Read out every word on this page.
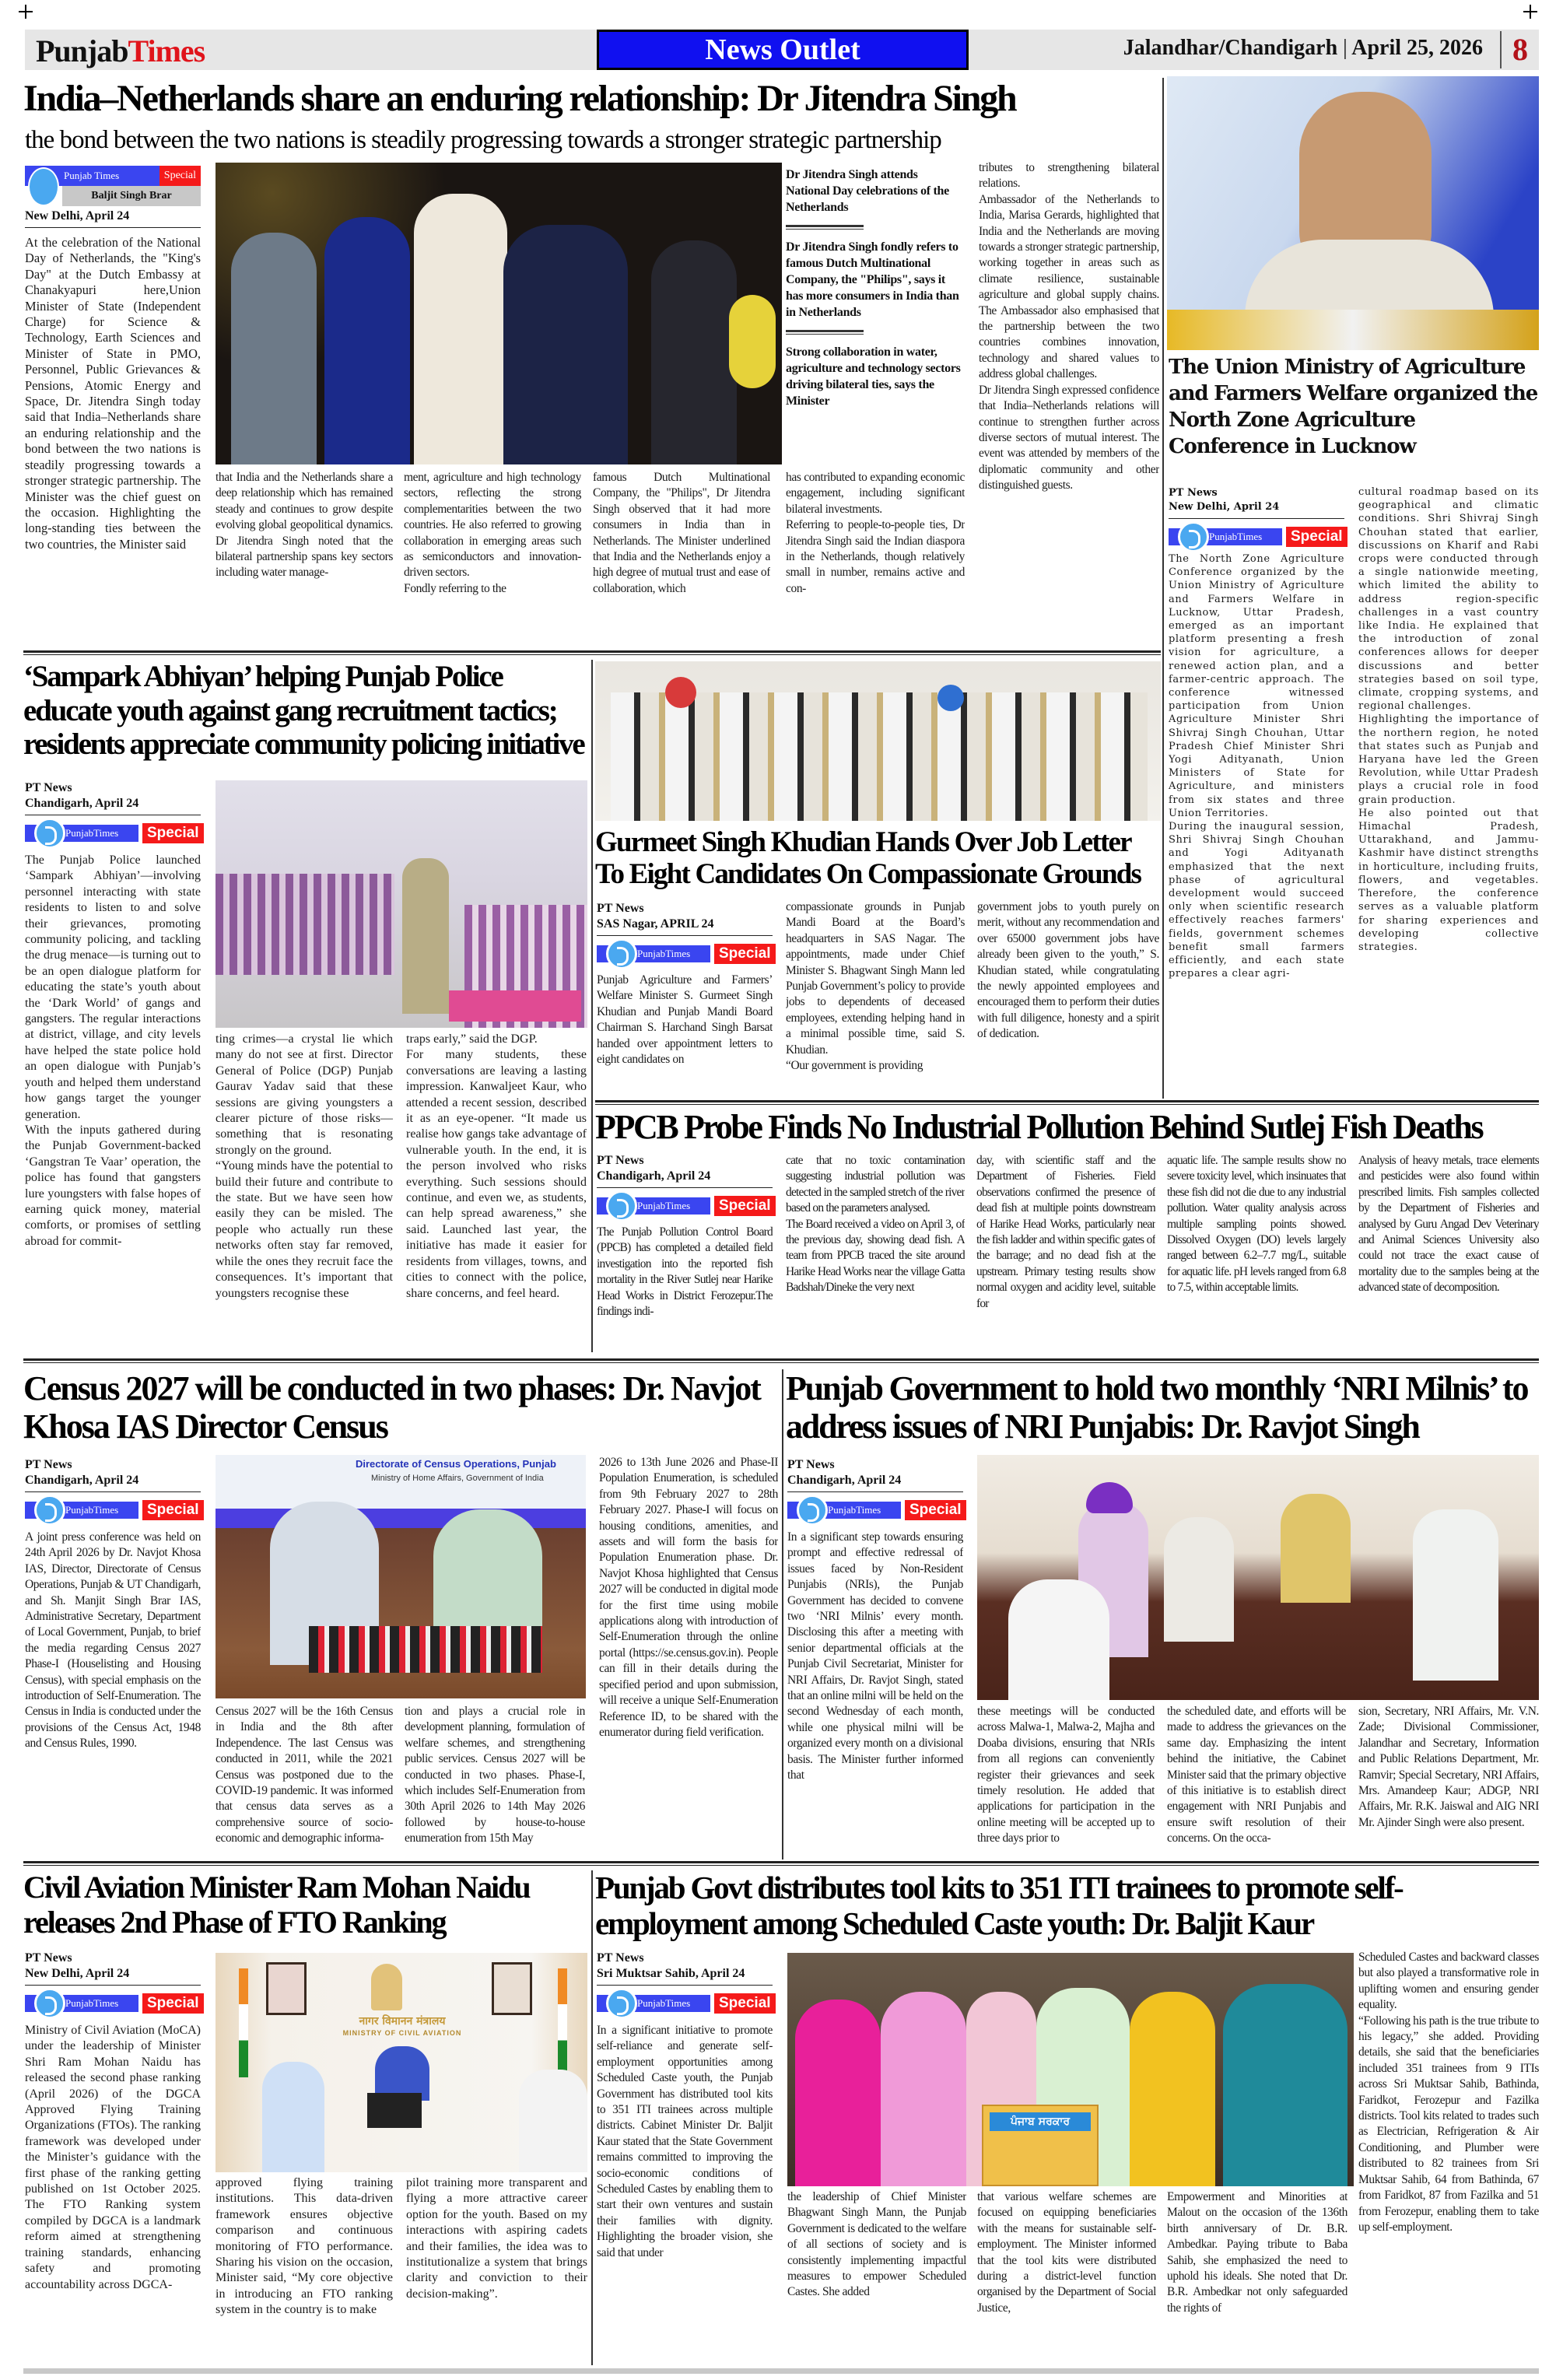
PunjabTimes	News Outlet	Jalandhar/Chandigarh | April 25, 2026 8
India–Netherlands share an enduring relationship: Dr Jitendra Singh
the bond between the two nations is steadily progressing towards a stronger strategic partnership
Punjab Times	Special
Baljit Singh Brar
New Delhi, April 24
At the celebration of the National Day of Netherlands, the "King's Day" at the Dutch Embassy at Chanakyapuri here,Union Minister of State (Independent Charge) for Science & Technology, Earth Sciences and Minister of State in PMO, Personnel, Public Grievances & Pensions, Atomic Energy and Space, Dr. Jitendra Singh today said that India–Netherlands share an enduring relationship and the bond between the two nations is steadily progressing towards a stronger strategic partnership. The Minister was the chief guest on the occasion. Highlighting the long-standing ties between the two countries, the Minister said
that India and the Netherlands share a deep relationship which has remained steady and continues to grow despite evolving global geopolitical dynamics. Dr Jitendra Singh noted that the bilateral partnership spans key sectors including water manage-
ment, agriculture and high technology sectors, reflecting the strong complementarities between the two countries. He also referred to growing collaboration in emerging areas such as semiconductors and innovation-driven sectors.
Fondly referring to the
famous Dutch Multinational Company, the "Philips", Dr Jitendra Singh observed that it had more consumers in India than in Netherlands. The Minister underlined that India and the Netherlands enjoy a high degree of mutual trust and ease of collaboration, which
has contributed to expanding economic engagement, including significant bilateral investments.
Referring to people-to-people ties, Dr Jitendra Singh said the Indian diaspora in the Netherlands, though relatively small in number, remains active and con-
Dr Jitendra Singh attends National Day celebrations of the Netherlands
Dr Jitendra Singh fondly refers to famous Dutch Multinational Company, the "Philips", says it has more consumers in India than in Netherlands
Strong collaboration in water, agriculture and technology sectors driving bilateral ties, says the Minister
tributes to strengthening bilateral relations.
Ambassador of the Netherlands to India, Marisa Gerards, highlighted that India and the Netherlands are moving towards a stronger strategic partnership, working together in areas such as climate resilience, sustainable agriculture and global supply chains. The Ambassador also emphasised that the partnership between the two countries combines innovation, technology and shared values to address global challenges.
Dr Jitendra Singh expressed confidence that India–Netherlands relations will continue to strengthen further across diverse sectors of mutual interest. The event was attended by members of the diplomatic community and other distinguished guests.
The Union Ministry of Agriculture and Farmers Welfare organized the North Zone Agriculture Conference in Lucknow
PT News
New Delhi, April 24
PunjabTimes	Special
The North Zone Agriculture Conference organized by the Union Ministry of Agriculture and Farmers Welfare in Lucknow, Uttar Pradesh, emerged as an important platform presenting a fresh vision for agriculture, a renewed action plan, and a farmer-centric approach. The conference witnessed participation from Union Agriculture Minister Shri Shivraj Singh Chouhan, Uttar Pradesh Chief Minister Shri Yogi Adityanath, Union Ministers of State for Agriculture, and ministers from six states and three Union Territories.
During the inaugural session, Shri Shivraj Singh Chouhan and Yogi Adityanath emphasized that the next phase of agricultural development would succeed only when scientific research effectively reaches farmers' fields, government schemes benefit small farmers efficiently, and each state prepares a clear agri-
cultural roadmap based on its geographical and climatic conditions. Shri Shivraj Singh Chouhan stated that earlier, discussions on Kharif and Rabi crops were conducted through a single nationwide meeting, which limited the ability to address region-specific challenges in a vast country like India. He explained that the introduction of zonal conferences allows for deeper discussions and better strategies based on soil type, climate, cropping systems, and regional challenges.
Highlighting the importance of the northern region, he noted that states such as Punjab and Haryana have led the Green Revolution, while Uttar Pradesh plays a crucial role in food grain production.
He also pointed out that Himachal Pradesh, Uttarakhand, and Jammu-Kashmir have distinct strengths in horticulture, including fruits, flowers, and vegetables. Therefore, the conference serves as a valuable platform for sharing experiences and developing collective strategies.
‘Sampark Abhiyan’ helping Punjab Police educate youth against gang recruitment tactics; residents appreciate community policing initiative
PT News
Chandigarh, April 24
PunjabTimes	Special
The Punjab Police launched ‘Sampark Abhiyan’—involving personnel interacting with state residents to listen to and solve their grievances, promoting community policing, and tackling the drug menace—is turning out to be an open dialogue platform for educating the state’s youth about the ‘Dark World’ of gangs and gangsters. The regular interactions at district, village, and city levels have helped the state police hold an open dialogue with Punjab’s youth and helped them understand how gangs target the younger generation.
With the inputs gathered during the Punjab Government-backed ‘Gangstran Te Vaar’ operation, the police has found that gangsters lure youngsters with false hopes of earning quick money, material comforts, or promises of settling abroad for commit-
ting crimes—a crystal lie which many do not see at first. Director General of Police (DGP) Punjab Gaurav Yadav said that these sessions are giving youngsters a clearer picture of those risks—something that is resonating strongly on the ground.
“Young minds have the potential to build their future and contribute to the state. But we have seen how easily they can be misled. The people who actually run these networks often stay far removed, while the ones they recruit face the consequences. It’s important that youngsters recognise these
traps early,” said the DGP.
For many students, these conversations are leaving a lasting impression. Kanwaljeet Kaur, who attended a recent session, described it as an eye-opener. “It made us realise how gangs take advantage of vulnerable youth. In the end, it is the person involved who risks everything. Such sessions should continue, and even we, as students, can help spread awareness,” she said. Launched last year, the initiative has made it easier for residents from villages, towns, and cities to connect with the police, share concerns, and feel heard.
Gurmeet Singh Khudian Hands Over Job Letter To Eight Candidates On Compassionate Grounds
PT News
SAS Nagar, APRIL 24
PunjabTimes	Special
Punjab Agriculture and Farmers’ Welfare Minister S. Gurmeet Singh Khudian and Punjab Mandi Board Chairman S. Harchand Singh Barsat handed over appointment letters to eight candidates on
compassionate grounds in Punjab Mandi Board at the Board’s headquarters in SAS Nagar. The appointments, made under Chief Minister S. Bhagwant Singh Mann led Punjab Government’s policy to provide jobs to dependents of deceased employees, extending helping hand in a minimal possible time, said S. Khudian.
“Our government is providing
government jobs to youth purely on merit, without any recommendation and over 65000 government jobs have already been given to the youth,” S. Khudian stated, while congratulating the newly appointed employees and encouraged them to perform their duties with full diligence, honesty and a spirit of dedication.
PPCB Probe Finds No Industrial Pollution Behind Sutlej Fish Deaths
PT News
Chandigarh, April 24
PunjabTimes	Special
The Punjab Pollution Control Board (PPCB) has completed a detailed field investigation into the reported fish mortality in the River Sutlej near Harike Head Works in District Ferozepur.The findings indi-
cate that no toxic contamination suggesting industrial pollution was detected in the sampled stretch of the river based on the parameters analysed.
The Board received a video on April 3, of the previous day, showing dead fish. A team from PPCB traced the site around Harike Head Works near the village Gatta Badshah/Dineke the very next
day, with scientific staff and the Department of Fisheries. Field observations confirmed the presence of dead fish at multiple points downstream of Harike Head Works, particularly near the fish ladder and within specific gates of the barrage; and no dead fish at the upstream. Primary testing results show normal oxygen and acidity level, suitable for
aquatic life. The sample results show no severe toxicity level, which insinuates that these fish did not die due to any industrial pollution. Water quality analysis across multiple sampling points showed. Dissolved Oxygen (DO) levels largely ranged between 6.2–7.7 mg/L, suitable for aquatic life. pH levels ranged from 6.8 to 7.5, within acceptable limits.
Analysis of heavy metals, trace elements and pesticides were also found within prescribed limits. Fish samples collected by the Department of Fisheries and analysed by Guru Angad Dev Veterinary and Animal Sciences University also could not trace the exact cause of mortality due to the samples being at the advanced state of decomposition.
Census 2027 will be conducted in two phases: Dr. Navjot Khosa IAS Director Census
PT News
Chandigarh, April 24
PunjabTimes	Special
A joint press conference was held on 24th April 2026 by Dr. Navjot Khosa IAS, Director, Directorate of Census Operations, Punjab & UT Chandigarh, and Sh. Manjit Singh Brar IAS, Administrative Secretary, Department of Local Government, Punjab, to brief the media regarding Census 2027 Phase-I (Houselisting and Housing Census), with special emphasis on the introduction of Self-Enumeration. The Census in India is conducted under the provisions of the Census Act, 1948 and Census Rules, 1990.
Directorate of Census Operations, Punjab
Ministry of Home Affairs, Government of India
Census 2027 will be the 16th Census in India and the 8th after Independence. The last Census was conducted in 2011, while the 2021 Census was postponed due to the COVID-19 pandemic. It was informed that census data serves as a comprehensive source of socio-economic and demographic informa-
tion and plays a crucial role in development planning, formulation of welfare schemes, and strengthening public services. Census 2027 will be conducted in two phases. Phase-I, which includes Self-Enumeration from 30th April 2026 to 14th May 2026 followed by house-to-house enumeration from 15th May
2026 to 13th June 2026 and Phase-II Population Enumeration, is scheduled from 9th February 2027 to 28th February 2027. Phase-I will focus on housing conditions, amenities, and assets and will form the basis for Population Enumeration phase. Dr. Navjot Khosa highlighted that Census 2027 will be conducted in digital mode for the first time using mobile applications along with introduction of Self-Enumeration through the online portal (https://se.census.gov.in). People can fill in their details during the specified period and upon submission, will receive a unique Self-Enumeration Reference ID, to be shared with the enumerator during field verification.
Punjab Government to hold two monthly ‘NRI Milnis’ to address issues of NRI Punjabis: Dr. Ravjot Singh
PT News
Chandigarh, April 24
PunjabTimes	Special
In a significant step towards ensuring prompt and effective redressal of issues faced by Non-Resident Punjabis (NRIs), the Punjab Government has decided to convene two ‘NRI Milnis’ every month. Disclosing this after a meeting with senior departmental officials at the Punjab Civil Secretariat, Minister for NRI Affairs, Dr. Ravjot Singh, stated that an online milni will be held on the second Wednesday of each month, while one physical milni will be organized every month on a divisional basis. The Minister further informed that
these meetings will be conducted across Malwa-1, Malwa-2, Majha and Doaba divisions, ensuring that NRIs from all regions can conveniently register their grievances and seek timely resolution. He added that applications for participation in the online meeting will be accepted up to three days prior to
the scheduled date, and efforts will be made to address the grievances on the same day. Emphasizing the intent behind the initiative, the Cabinet Minister said that the primary objective of this initiative is to establish direct engagement with NRI Punjabis and ensure swift resolution of their concerns. On the occa-
sion, Secretary, NRI Affairs, Mr. V.N. Zade; Divisional Commissioner, Jalandhar and Secretary, Information and Public Relations Department, Mr. Ramvir; Special Secretary, NRI Affairs, Mrs. Amandeep Kaur; ADGP, NRI Affairs, Mr. R.K. Jaiswal and AIG NRI Mr. Ajinder Singh were also present.
Civil Aviation Minister Ram Mohan Naidu releases 2nd Phase of FTO Ranking
PT News
New Delhi, April 24
PunjabTimes	Special
Ministry of Civil Aviation (MoCA) under the leadership of Minister Shri Ram Mohan Naidu has released the second phase ranking (April 2026) of the DGCA Approved Flying Training Organizations (FTOs). The ranking framework was developed under the Minister’s guidance with the first phase of the ranking getting published on 1st October 2025. The FTO Ranking system compiled by DGCA is a landmark reform aimed at strengthening training standards, enhancing safety and promoting accountability across DGCA-
नागर विमानन मंत्रालय
MINISTRY OF CIVIL AVIATION
approved flying training institutions. This data-driven framework ensures objective comparison and continuous monitoring of FTO performance. Sharing his vision on the occasion, Minister said, “My core objective in introducing an FTO ranking system in the country is to make
pilot training more transparent and flying a more attractive career option for the youth. Based on my interactions with aspiring cadets and their families, the idea was to institutionalize a system that brings clarity and conviction to their decision-making”.
Punjab Govt distributes tool kits to 351 ITI trainees to promote self-employment among Scheduled Caste youth: Dr. Baljit Kaur
PT News
Sri Muktsar Sahib, April 24
PunjabTimes	Special
In a significant initiative to promote self-reliance and generate self-employment opportunities among Scheduled Caste youth, the Punjab Government has distributed tool kits to 351 ITI trainees across multiple districts. Cabinet Minister Dr. Baljit Kaur stated that the State Government remains committed to improving the socio-economic conditions of Scheduled Castes by enabling them to start their own ventures and sustain their families with dignity. Highlighting the broader vision, she said that under
ਪੰਜਾਬ ਸਰਕਾਰ
the leadership of Chief Minister Bhagwant Singh Mann, the Punjab Government is dedicated to the welfare of all sections of society and is consistently implementing impactful measures to empower Scheduled Castes. She added
that various welfare schemes are focused on equipping beneficiaries with the means for sustainable self-employment. The Minister informed that the tool kits were distributed during a district-level function organised by the Department of Social Justice,
Empowerment and Minorities at Malout on the occasion of the 136th birth anniversary of Dr. B.R. Ambedkar. Paying tribute to Baba Sahib, she emphasized the need to uphold his ideals. She noted that Dr. B.R. Ambedkar not only safeguarded the rights of
Scheduled Castes and backward classes but also played a transformative role in uplifting women and ensuring gender equality.
“Following his path is the true tribute to his legacy,” she added. Providing details, she said that the beneficiaries included 351 trainees from 9 ITIs across Sri Muktsar Sahib, Bathinda, Faridkot, Ferozepur and Fazilka districts. Tool kits related to trades such as Electrician, Refrigeration & Air Conditioning, and Plumber were distributed to 82 trainees from Sri Muktsar Sahib, 64 from Bathinda, 67 from Faridkot, 87 from Fazilka and 51 from Ferozepur, enabling them to take up self-employment.
